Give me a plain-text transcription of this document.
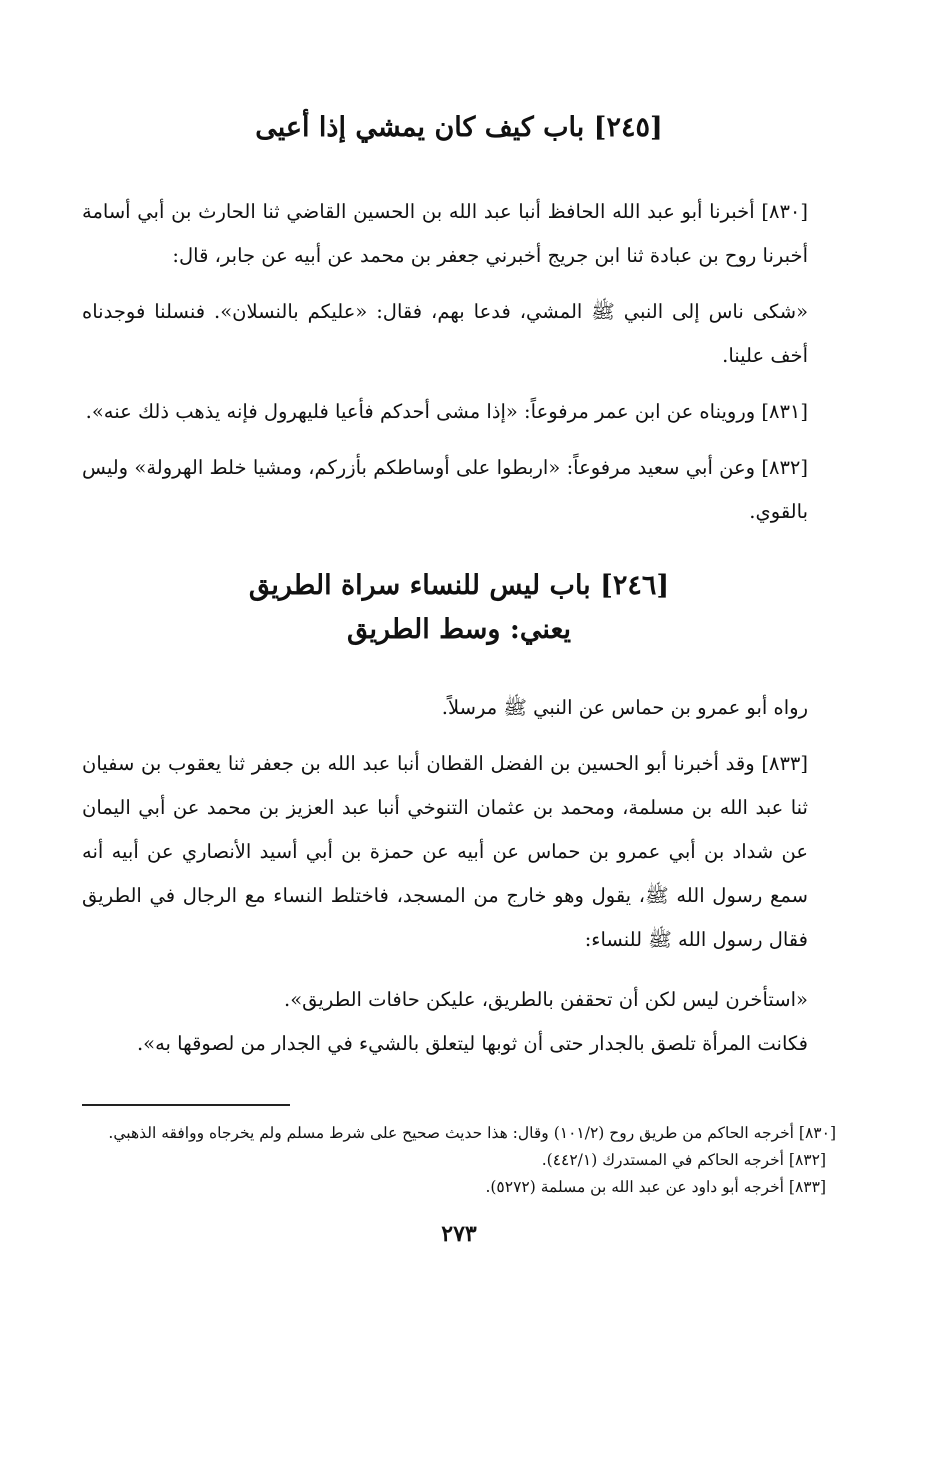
[٢٤٥] باب كيف كان يمشي إذا أعيى

[٨٣٠] أخبرنا أبو عبد الله الحافظ أنبا عبد الله بن الحسين القاضي ثنا الحارث بن أبي أسامة أخبرنا روح بن عبادة ثنا ابن جريج أخبرني جعفر بن محمد عن أبيه عن جابر، قال:

«شكى ناس إلى النبي ﷺ المشي، فدعا بهم، فقال: «عليكم بالنسلان». فنسلنا فوجدناه أخف علينا.

[٨٣١] ورويناه عن ابن عمر مرفوعاً: «إذا مشى أحدكم فأعيا فليهرول فإنه يذهب ذلك عنه».

[٨٣٢] وعن أبي سعيد مرفوعاً: «اربطوا على أوساطكم بأزركم، ومشيا خلط الهرولة» وليس بالقوي.

[٢٤٦] باب ليس للنساء سراة الطريق
يعني: وسط الطريق

رواه أبو عمرو بن حماس عن النبي ﷺ مرسلاً.

[٨٣٣] وقد أخبرنا أبو الحسين بن الفضل القطان أنبا عبد الله بن جعفر ثنا يعقوب بن سفيان ثنا عبد الله بن مسلمة، ومحمد بن عثمان التنوخي أنبا عبد العزيز بن محمد عن أبي اليمان عن شداد بن أبي عمرو بن حماس عن أبيه عن حمزة بن أبي أسيد الأنصاري عن أبيه أنه سمع رسول الله ﷺ، يقول وهو خارج من المسجد، فاختلط النساء مع الرجال في الطريق فقال رسول الله ﷺ للنساء:

«استأخرن ليس لكن أن تحقفن بالطريق، عليكن حافات الطريق».
فكانت المرأة تلصق بالجدار حتى أن ثوبها ليتعلق بالشيء في الجدار من لصوقها به».

[٨٣٠] أخرجه الحاكم من طريق روح (١٠١/٢) وقال: هذا حديث صحيح على شرط مسلم ولم يخرجاه ووافقه الذهبي.

[٨٣٢] أخرجه الحاكم في المستدرك (٤٤٢/١).

[٨٣٣] أخرجه أبو داود عن عبد الله بن مسلمة (٥٢٧٢).

٢٧٣
